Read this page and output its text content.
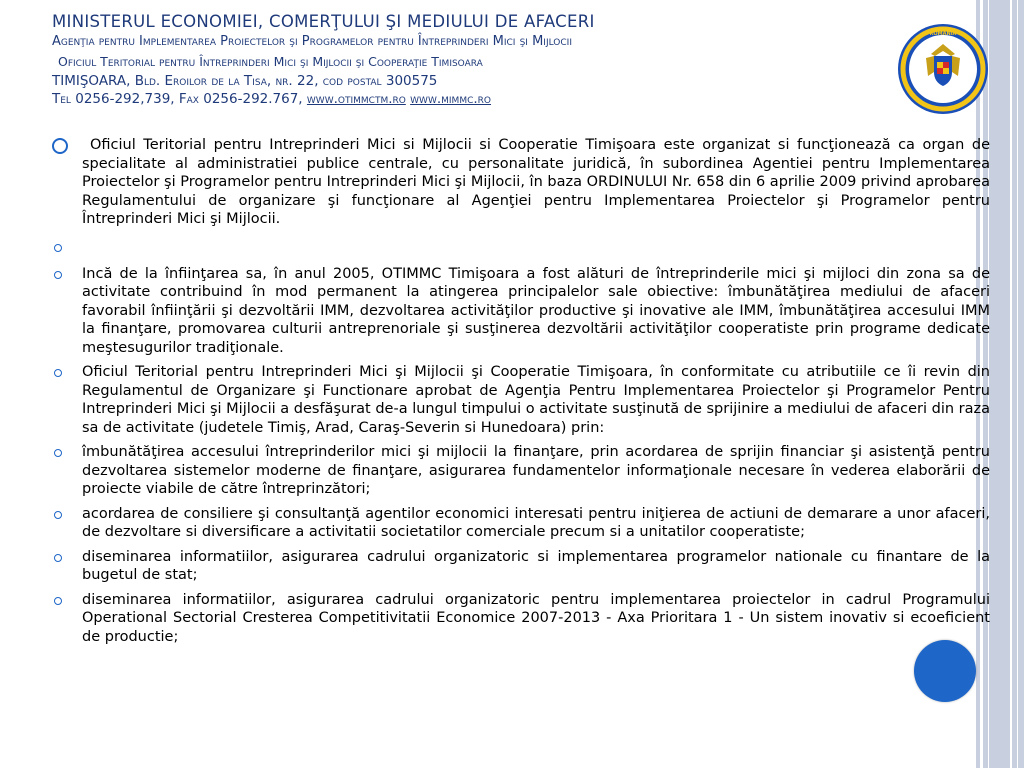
MINISTERUL ECONOMIEI, COMERŢULUI ŞI MEDIULUI DE AFACERI
Agenţia pentru Implementarea Proiectelor şi Programelor pentru Întreprinderi Mici şi Mijlocii
Oficiul Teritorial pentru Întreprinderi Mici şi Mijlocii şi Cooperaţie Timisoara
TIMIŞOARA, Bld. Eroilor de la Tisa, nr. 22, cod postal 300575
Tel 0256-292,739, Fax 0256-292.767, www.otimmctm.ro www.mimmc.ro
ROMÂNIA

Oficiul Teritorial pentru Intreprinderi Mici si Mijlocii si Cooperatie Timişoara este organizat si funcţionează ca organ de specialitate al administratiei publice centrale, cu personalitate juridică, în subordinea Agentiei pentru Implementarea Proiectelor şi Programelor pentru Intreprinderi Mici şi Mijlocii, în baza ORDINULUI Nr. 658 din 6 aprilie 2009 privind aprobarea Regulamentului de organizare şi funcţionare al Agenţiei pentru Implementarea Proiectelor şi Programelor pentru Întreprinderi Mici şi Mijlocii.

Incă de la înfiinţarea sa, în anul 2005, OTIMMC Timişoara a fost alături de întreprinderile mici şi mijloci din zona sa de activitate contribuind în mod permanent la atingerea principalelor sale obiective: îmbunătăţirea mediului de afaceri favorabil înfiinţării şi dezvoltării IMM, dezvoltarea activităţilor productive şi inovative ale IMM, îmbunătăţirea accesului IMM la finanţare, promovarea culturii antreprenoriale şi susţinerea dezvoltării activităţilor cooperatiste prin programe dedicate meştesugurilor tradiţionale.

Oficiul Teritorial pentru Intreprinderi Mici şi Mijlocii şi Cooperatie Timişoara, în conformitate cu atributiile ce îi revin din Regulamentul de Organizare şi Functionare aprobat de Agenţia Pentru Implementarea Proiectelor şi Programelor Pentru Intreprinderi Mici şi Mijlocii a desfăşurat de-a lungul timpului o activitate susţinută de sprijinire a mediului de afaceri din raza sa de activitate (judetele Timiş, Arad, Caraş-Severin si Hunedoara) prin:

îmbunătăţirea accesului întreprinderilor mici şi mijlocii la finanţare, prin acordarea de sprijin financiar şi asistenţă pentru dezvoltarea sistemelor moderne de finanţare, asigurarea fundamentelor informaţionale necesare în vederea elaborării de proiecte viabile de către întreprinzători;

acordarea de consiliere şi consultanţă agentilor economici interesati pentru iniţierea de actiuni de demarare a unor afaceri, de dezvoltare si diversificare a activitatii societatilor comerciale precum si a unitatilor cooperatiste;

diseminarea informatiilor, asigurarea cadrului organizatoric si implementarea programelor nationale cu finantare de la bugetul de stat;

diseminarea informatiilor, asigurarea cadrului organizatoric pentru implementarea proiectelor in cadrul Programului Operational Sectorial Cresterea Competitivitatii Economice 2007-2013 - Axa Prioritara 1 - Un sistem inovativ si ecoeficient de productie;
